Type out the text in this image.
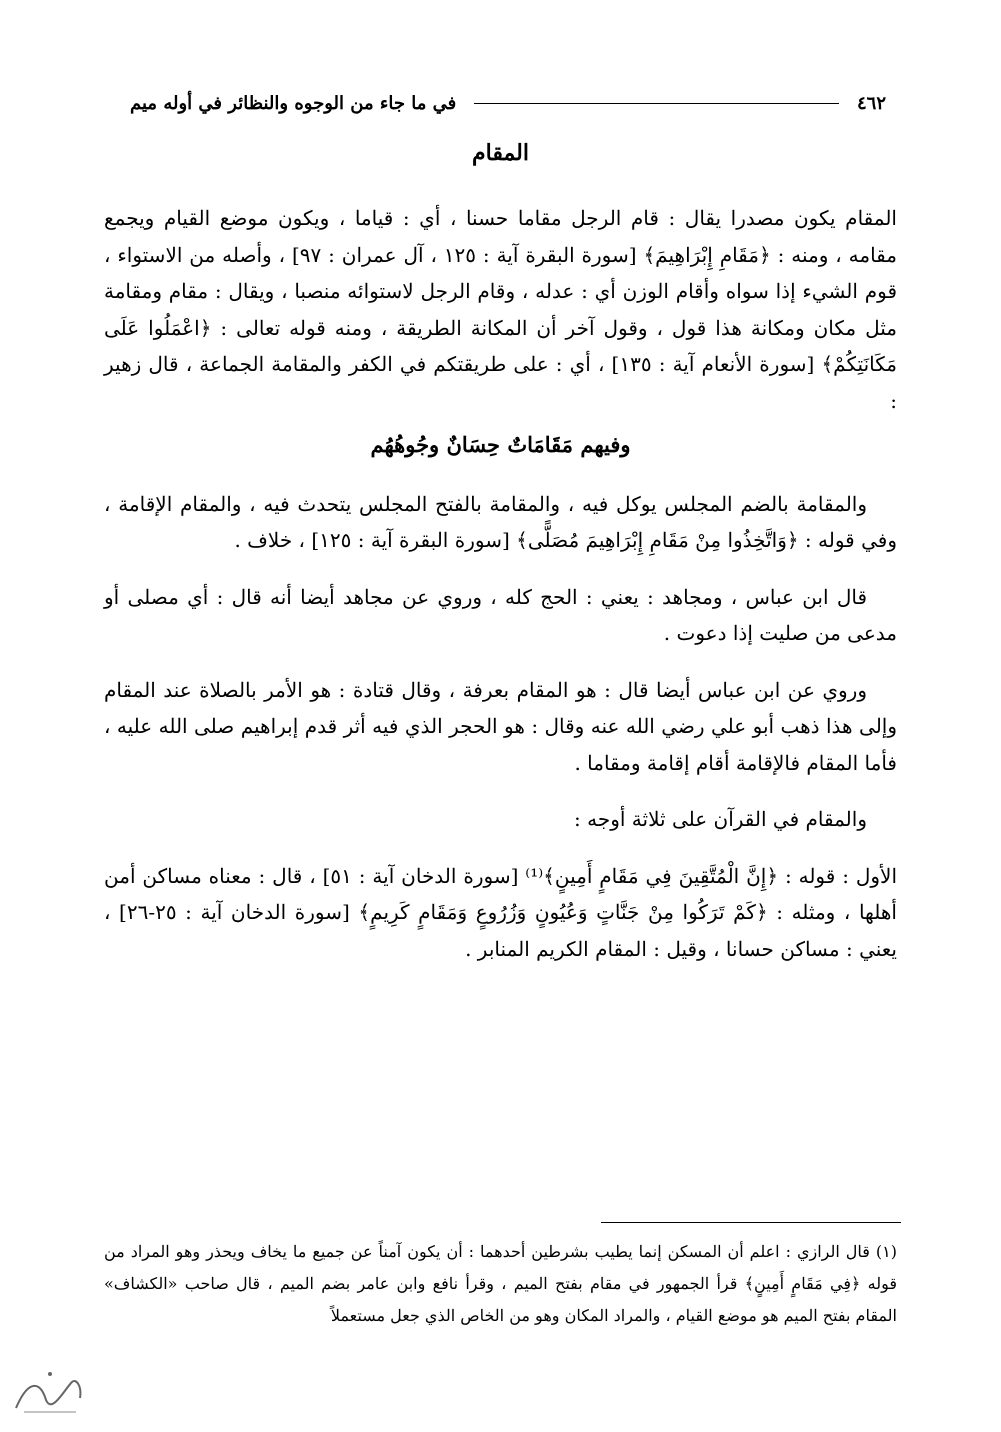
٤٦٢
في ما جاء من الوجوه والنظائر في أوله ميم
المقام

المقام يكون مصدرا يقال : قام الرجل مقاما حسنا ، أي : قياما ، ويكون موضع القيام ويجمع مقامه ، ومنه : ﴿مَقَامِ إِبْرَاهِيمَ﴾ [سورة البقرة آية : ١٢٥ ، آل عمران : ٩٧] ، وأصله من الاستواء ، قوم الشيء إذا سواه وأقام الوزن أي : عدله ، وقام الرجل لاستوائه منصبا ، ويقال : مقام ومقامة مثل مكان ومكانة هذا قول ، وقول آخر أن المكانة الطريقة ، ومنه قوله تعالى : ﴿اعْمَلُوا عَلَى مَكَانَتِكُمْ﴾ [سورة الأنعام آية : ١٣٥] ، أي : على طريقتكم في الكفر والمقامة الجماعة ، قال زهير :

وفيهم مَقَامَاتٌ حِسَانٌ وجُوهُهُم

والمقامة بالضم المجلس يوكل فيه ، والمقامة بالفتح المجلس يتحدث فيه ، والمقام الإقامة ، وفي قوله : ﴿وَاتَّخِذُوا مِنْ مَقَامِ إِبْرَاهِيمَ مُصَلًّى﴾ [سورة البقرة آية : ١٢٥] ، خلاف .

قال ابن عباس ، ومجاهد : يعني : الحج كله ، وروي عن مجاهد أيضا أنه قال : أي مصلى أو مدعى من صليت إذا دعوت .

وروي عن ابن عباس أيضا قال : هو المقام بعرفة ، وقال قتادة : هو الأمر بالصلاة عند المقام وإلى هذا ذهب أبو علي رضي الله عنه وقال : هو الحجر الذي فيه أثر قدم إبراهيم صلى الله عليه ، فأما المقام فالإقامة أقام إقامة ومقاما .

والمقام في القرآن على ثلاثة أوجه :

الأول : قوله : ﴿إِنَّ الْمُتَّقِينَ فِي مَقَامٍ أَمِينٍ﴾⁽¹⁾ [سورة الدخان آية : ٥١] ، قال : معناه مساكن أمن أهلها ، ومثله : ﴿كَمْ تَرَكُوا مِنْ جَنَّاتٍ وَعُيُونٍ وَزُرُوعٍ وَمَقَامٍ كَرِيمٍ﴾ [سورة الدخان آية : ٢٥-٢٦] ، يعني : مساكن حسانا ، وقيل : المقام الكريم المنابر .

(١) قال الرازي : اعلم أن المسكن إنما يطيب بشرطين أحدهما : أن يكون آمناً عن جميع ما يخاف ويحذر وهو المراد من قوله ﴿فِي مَقَامٍ أَمِينٍ﴾ قرأ الجمهور في مقام بفتح الميم ، وقرأ نافع وابن عامر بضم الميم ، قال صاحب «الكشاف» المقام بفتح الميم هو موضع القيام ، والمراد المكان وهو من الخاص الذي جعل مستعملاً
